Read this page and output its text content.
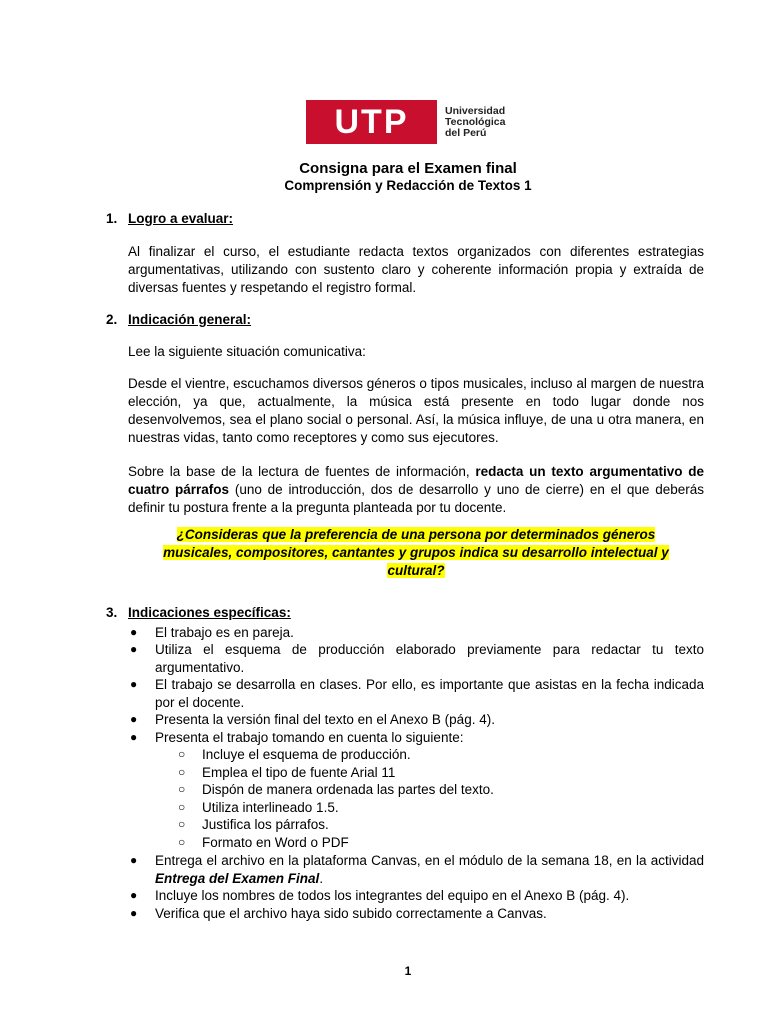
UTP	Universidad
Tecnológica
del Perú
Consigna para el Examen final
Comprensión y Redacción de Textos 1
1. Logro a evaluar:
Al finalizar el curso, el estudiante redacta textos organizados con diferentes estrategias argumentativas, utilizando con sustento claro y coherente información propia y extraída de diversas fuentes y respetando el registro formal.
2. Indicación general:
Lee la siguiente situación comunicativa:
Desde el vientre, escuchamos diversos géneros o tipos musicales, incluso al margen de nuestra elección, ya que, actualmente, la música está presente en todo lugar donde nos desenvolvemos, sea el plano social o personal. Así, la música influye, de una u otra manera, en nuestras vidas, tanto como receptores y como sus ejecutores.
Sobre la base de la lectura de fuentes de información, redacta un texto argumentativo de cuatro párrafos (uno de introducción, dos de desarrollo y uno de cierre) en el que deberás definir tu postura frente a la pregunta planteada por tu docente.
¿Consideras que la preferencia de una persona por determinados géneros
musicales, compositores, cantantes y grupos indica su desarrollo intelectual y
cultural?
3. Indicaciones específicas:
● El trabajo es en pareja.
● Utiliza el esquema de producción elaborado previamente para redactar tu texto argumentativo.
● El trabajo se desarrolla en clases. Por ello, es importante que asistas en la fecha indicada por el docente.
● Presenta la versión final del texto en el Anexo B (pág. 4).
● Presenta el trabajo tomando en cuenta lo siguiente:
○ Incluye el esquema de producción.
○ Emplea el tipo de fuente Arial 11
○ Dispón de manera ordenada las partes del texto.
○ Utiliza interlineado 1.5.
○ Justifica los párrafos.
○ Formato en Word o PDF
● Entrega el archivo en la plataforma Canvas, en el módulo de la semana 18, en la actividad Entrega del Examen Final.
● Incluye los nombres de todos los integrantes del equipo en el Anexo B (pág. 4).
● Verifica que el archivo haya sido subido correctamente a Canvas.
1
